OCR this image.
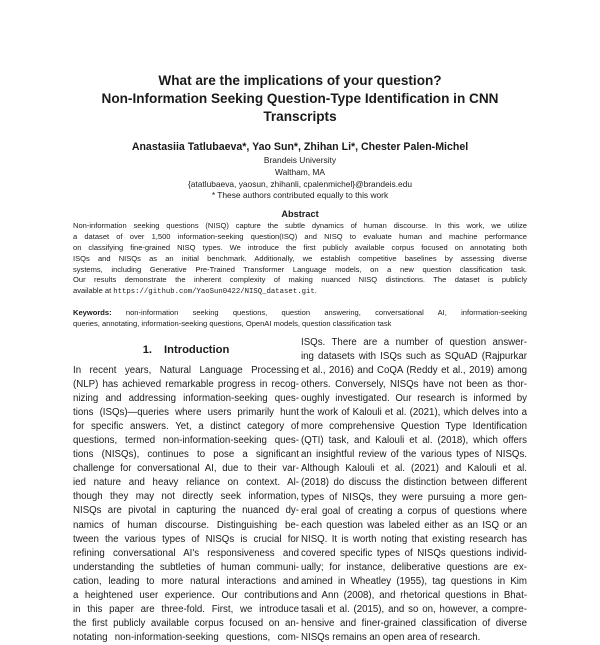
What are the implications of your question?
Non-Information Seeking Question-Type Identification in CNN
Transcripts
Anastasiia Tatlubaeva*, Yao Sun*, Zhihan Li*, Chester Palen-Michel
Brandeis University
Waltham, MA
{atatlubaeva, yaosun, zhihanli, cpalenmichel}@brandeis.edu
* These authors contributed equally to this work
Abstract
Non-information seeking questions (NISQ) capture the subtle dynamics of human discourse. In this work, we utilize
a dataset of over 1,500 information-seeking question(ISQ) and NISQ to evaluate human and machine performance
on classifying fine-grained NISQ types. We introduce the first publicly available corpus focused on annotating both
ISQs and NISQs as an initial benchmark. Additionally, we establish competitive baselines by assessing diverse
systems, including Generative Pre-Trained Transformer Language models, on a new question classification task.
Our results demonstrate the inherent complexity of making nuanced NISQ distinctions. The dataset is publicly
available at https://github.com/YaoSun0422/NISQ_dataset.git.
Keywords: non-information seeking questions, question answering, conversational AI, information-seeking
queries, annotating, information-seeking questions, OpenAI models, question classification task
1. Introduction
In recent years, Natural Language Processing
(NLP) has achieved remarkable progress in recog-
nizing and addressing information-seeking ques-
tions (ISQs)—queries where users primarily hunt
for specific answers. Yet, a distinct category of
questions, termed non-information-seeking ques-
tions (NISQs), continues to pose a significant
challenge for conversational AI, due to their var-
ied nature and heavy reliance on context. Al-
though they may not directly seek information,
NISQs are pivotal in capturing the nuanced dy-
namics of human discourse. Distinguishing be-
tween the various types of NISQs is crucial for
refining conversational AI's responsiveness and
understanding the subtleties of human communi-
cation, leading to more natural interactions and
a heightened user experience. Our contributions
in this paper are three-fold. First, we introduce
the first publicly available corpus focused on an-
notating non-information-seeking questions, com-
ISQs. There are a number of question answer-
ing datasets with ISQs such as SQuAD (Rajpurkar
et al., 2016) and CoQA (Reddy et al., 2019) among
others. Conversely, NISQs have not been as thor-
oughly investigated. Our research is informed by
the work of Kalouli et al. (2021), which delves into a
more comprehensive Question Type Identification
(QTI) task, and Kalouli et al. (2018), which offers
an insightful review of the various types of NISQs.
Although Kalouli et al. (2021) and Kalouli et al.
(2018) do discuss the distinction between different
types of NISQs, they were pursuing a more gen-
eral goal of creating a corpus of questions where
each question was labeled either as an ISQ or an
NISQ. It is worth noting that existing research has
covered specific types of NISQs questions individ-
ually; for instance, deliberative questions are ex-
amined in Wheatley (1955), tag questions in Kim
and Ann (2008), and rhetorical questions in Bhat-
tasali et al. (2015), and so on, however, a compre-
hensive and finer-grained classification of diverse
NISQs remains an open area of research.
